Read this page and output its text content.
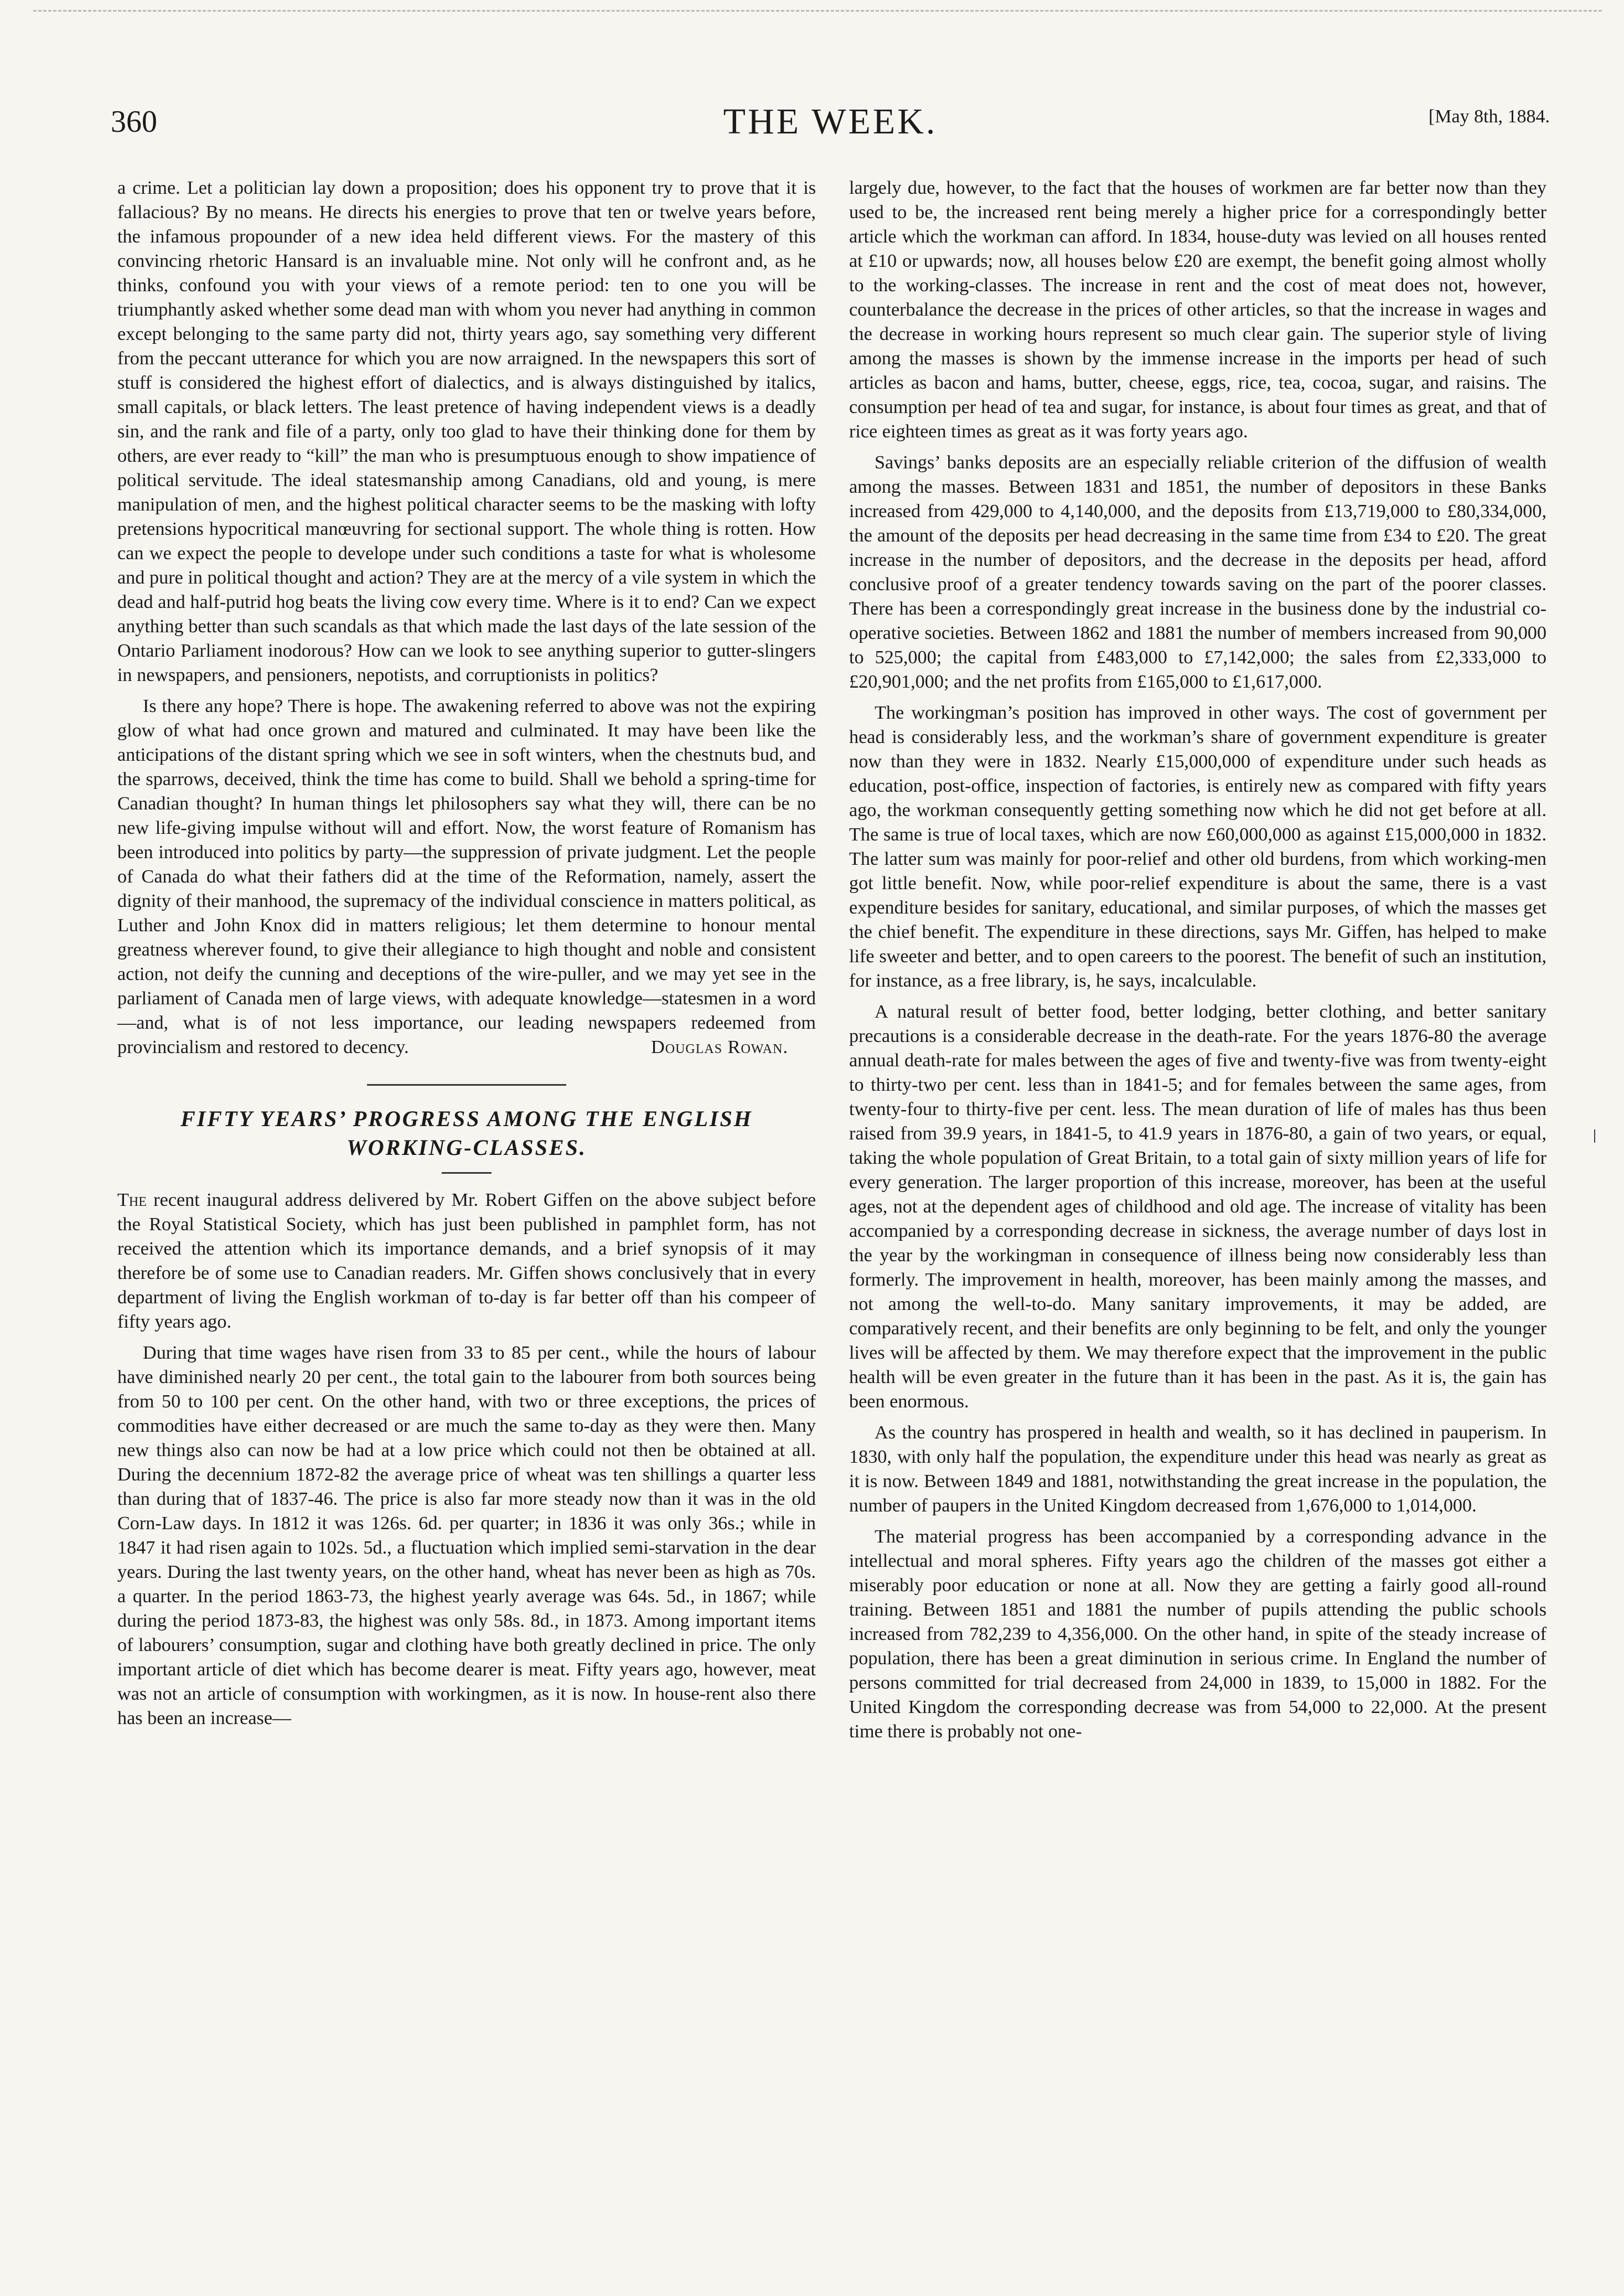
360	THE WEEK.	[May 8th, 1884.

a crime. Let a politician lay down a proposition; does his opponent try to prove that it is fallacious? By no means. He directs his energies to prove that ten or twelve years before, the infamous propounder of a new idea held different views. For the mastery of this convincing rhetoric Hansard is an invaluable mine. Not only will he confront and, as he thinks, confound you with your views of a remote period: ten to one you will be triumphantly asked whether some dead man with whom you never had anything in common except belonging to the same party did not, thirty years ago, say something very different from the peccant utterance for which you are now arraigned. In the newspapers this sort of stuff is considered the highest effort of dialectics, and is always distinguished by italics, small capitals, or black letters. The least pretence of having independent views is a deadly sin, and the rank and file of a party, only too glad to have their thinking done for them by others, are ever ready to “kill” the man who is presumptuous enough to show impatience of political servitude. The ideal statesmanship among Canadians, old and young, is mere manipulation of men, and the highest political character seems to be the masking with lofty pretensions hypocritical manœuvring for sectional support. The whole thing is rotten. How can we expect the people to develope under such conditions a taste for what is wholesome and pure in political thought and action? They are at the mercy of a vile system in which the dead and half-putrid hog beats the living cow every time. Where is it to end? Can we expect anything better than such scandals as that which made the last days of the late session of the Ontario Parliament inodorous? How can we look to see anything superior to gutter-slingers in newspapers, and pensioners, nepotists, and corruptionists in politics?

Is there any hope? There is hope. The awakening referred to above was not the expiring glow of what had once grown and matured and culminated. It may have been like the anticipations of the distant spring which we see in soft winters, when the chestnuts bud, and the sparrows, deceived, think the time has come to build. Shall we behold a spring-time for Canadian thought? In human things let philosophers say what they will, there can be no new life-giving impulse without will and effort. Now, the worst feature of Romanism has been introduced into politics by party—the suppression of private judgment. Let the people of Canada do what their fathers did at the time of the Reformation, namely, assert the dignity of their manhood, the supremacy of the individual conscience in matters political, as Luther and John Knox did in matters religious; let them determine to honour mental greatness wherever found, to give their allegiance to high thought and noble and consistent action, not deify the cunning and deceptions of the wire-puller, and we may yet see in the parliament of Canada men of large views, with adequate knowledge—statesmen in a word—and, what is of not less importance, our leading newspapers redeemed from provincialism and restored to decency.	Douglas Rowan.

FIFTY YEARS’ PROGRESS AMONG THE ENGLISH WORKING-CLASSES.

The recent inaugural address delivered by Mr. Robert Giffen on the above subject before the Royal Statistical Society, which has just been published in pamphlet form, has not received the attention which its importance demands, and a brief synopsis of it may therefore be of some use to Canadian readers. Mr. Giffen shows conclusively that in every department of living the English workman of to-day is far better off than his compeer of fifty years ago.

During that time wages have risen from 33 to 85 per cent., while the hours of labour have diminished nearly 20 per cent., the total gain to the labourer from both sources being from 50 to 100 per cent. On the other hand, with two or three exceptions, the prices of commodities have either decreased or are much the same to-day as they were then. Many new things also can now be had at a low price which could not then be obtained at all. During the decennium 1872-82 the average price of wheat was ten shillings a quarter less than during that of 1837-46. The price is also far more steady now than it was in the old Corn-Law days. In 1812 it was 126s. 6d. per quarter; in 1836 it was only 36s.; while in 1847 it had risen again to 102s. 5d., a fluctuation which implied semi-starvation in the dear years. During the last twenty years, on the other hand, wheat has never been as high as 70s. a quarter. In the period 1863-73, the highest yearly average was 64s. 5d., in 1867; while during the period 1873-83, the highest was only 58s. 8d., in 1873. Among important items of labourers’ consumption, sugar and clothing have both greatly declined in price. The only important article of diet which has become dearer is meat. Fifty years ago, however, meat was not an article of consumption with workingmen, as it is now. In house-rent also there has been an increase—

largely due, however, to the fact that the houses of workmen are far better now than they used to be, the increased rent being merely a higher price for a correspondingly better article which the workman can afford. In 1834, house-duty was levied on all houses rented at £10 or upwards; now, all houses below £20 are exempt, the benefit going almost wholly to the working-classes. The increase in rent and the cost of meat does not, however, counterbalance the decrease in the prices of other articles, so that the increase in wages and the decrease in working hours represent so much clear gain. The superior style of living among the masses is shown by the immense increase in the imports per head of such articles as bacon and hams, butter, cheese, eggs, rice, tea, cocoa, sugar, and raisins. The consumption per head of tea and sugar, for instance, is about four times as great, and that of rice eighteen times as great as it was forty years ago.

Savings’ banks deposits are an especially reliable criterion of the diffusion of wealth among the masses. Between 1831 and 1851, the number of depositors in these Banks increased from 429,000 to 4,140,000, and the deposits from £13,719,000 to £80,334,000, the amount of the deposits per head decreasing in the same time from £34 to £20. The great increase in the number of depositors, and the decrease in the deposits per head, afford conclusive proof of a greater tendency towards saving on the part of the poorer classes. There has been a correspondingly great increase in the business done by the industrial co-operative societies. Between 1862 and 1881 the number of members increased from 90,000 to 525,000; the capital from £483,000 to £7,142,000; the sales from £2,333,000 to £20,901,000; and the net profits from £165,000 to £1,617,000.

The workingman’s position has improved in other ways. The cost of government per head is considerably less, and the workman’s share of government expenditure is greater now than they were in 1832. Nearly £15,000,000 of expenditure under such heads as education, post-office, inspection of factories, is entirely new as compared with fifty years ago, the workman consequently getting something now which he did not get before at all. The same is true of local taxes, which are now £60,000,000 as against £15,000,000 in 1832. The latter sum was mainly for poor-relief and other old burdens, from which working-men got little benefit. Now, while poor-relief expenditure is about the same, there is a vast expenditure besides for sanitary, educational, and similar purposes, of which the masses get the chief benefit. The expenditure in these directions, says Mr. Giffen, has helped to make life sweeter and better, and to open careers to the poorest. The benefit of such an institution, for instance, as a free library, is, he says, incalculable.

A natural result of better food, better lodging, better clothing, and better sanitary precautions is a considerable decrease in the death-rate. For the years 1876-80 the average annual death-rate for males between the ages of five and twenty-five was from twenty-eight to thirty-two per cent. less than in 1841-5; and for females between the same ages, from twenty-four to thirty-five per cent. less. The mean duration of life of males has thus been raised from 39.9 years, in 1841-5, to 41.9 years in 1876-80, a gain of two years, or equal, taking the whole population of Great Britain, to a total gain of sixty million years of life for every generation. The larger proportion of this increase, moreover, has been at the useful ages, not at the dependent ages of childhood and old age. The increase of vitality has been accompanied by a corresponding decrease in sickness, the average number of days lost in the year by the workingman in consequence of illness being now considerably less than formerly. The improvement in health, moreover, has been mainly among the masses, and not among the well-to-do. Many sanitary improvements, it may be added, are comparatively recent, and their benefits are only beginning to be felt, and only the younger lives will be affected by them. We may therefore expect that the improvement in the public health will be even greater in the future than it has been in the past. As it is, the gain has been enormous.

As the country has prospered in health and wealth, so it has declined in pauperism. In 1830, with only half the population, the expenditure under this head was nearly as great as it is now. Between 1849 and 1881, notwithstanding the great increase in the population, the number of paupers in the United Kingdom decreased from 1,676,000 to 1,014,000.

The material progress has been accompanied by a corresponding advance in the intellectual and moral spheres. Fifty years ago the children of the masses got either a miserably poor education or none at all. Now they are getting a fairly good all-round training. Between 1851 and 1881 the number of pupils attending the public schools increased from 782,239 to 4,356,000. On the other hand, in spite of the steady increase of population, there has been a great diminution in serious crime. In England the number of persons committed for trial decreased from 24,000 in 1839, to 15,000 in 1882. For the United Kingdom the corresponding decrease was from 54,000 to 22,000. At the present time there is probably not one-
